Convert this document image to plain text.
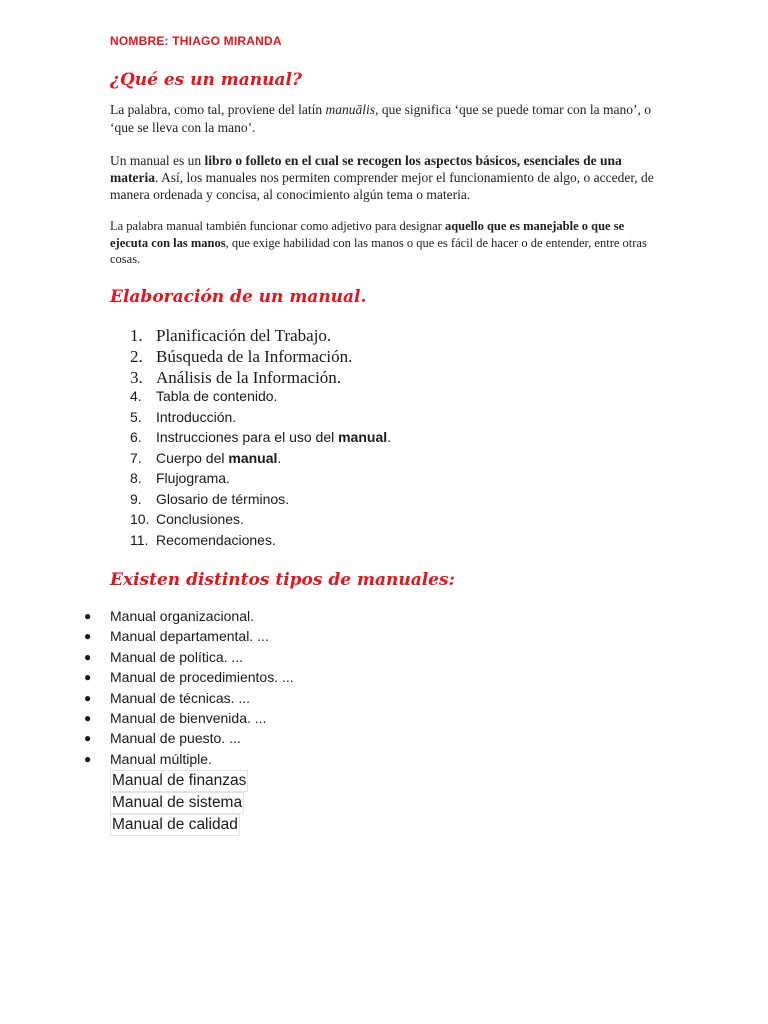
NOMBRE: THIAGO MIRANDA
¿Qué es un manual?
La palabra, como tal, proviene del latín manuālis, que significa ‘que se puede tomar con la mano’, o ‘que se lleva con la mano’.
Un manual es un libro o folleto en el cual se recogen los aspectos básicos, esenciales de una materia. Así, los manuales nos permiten comprender mejor el funcionamiento de algo, o acceder, de manera ordenada y concisa, al conocimiento algún tema o materia.
La palabra manual también funcionar como adjetivo para designar aquello que es manejable o que se ejecuta con las manos, que exige habilidad con las manos o que es fácil de hacer o de entender, entre otras cosas.
Elaboración de un manual.
1. Planificación del Trabajo.
2. Búsqueda de la Información.
3. Análisis de la Información.
4.	Tabla de contenido.
5.	Introducción.
6.	Instrucciones para el uso del manual.
7.	Cuerpo del manual.
8.	Flujograma.
9.	Glosario de términos.
10. Conclusiones.
11. Recomendaciones.
Existen distintos tipos de manuales:
●	Manual organizacional.
●	Manual departamental. ...
●	Manual de política. ...
●	Manual de procedimientos. ...
●	Manual de técnicas. ...
●	Manual de bienvenida. ...
●	Manual de puesto. ...
●	Manual múltiple.
Manual de finanzas
Manual de sistema
Manual de calidad
